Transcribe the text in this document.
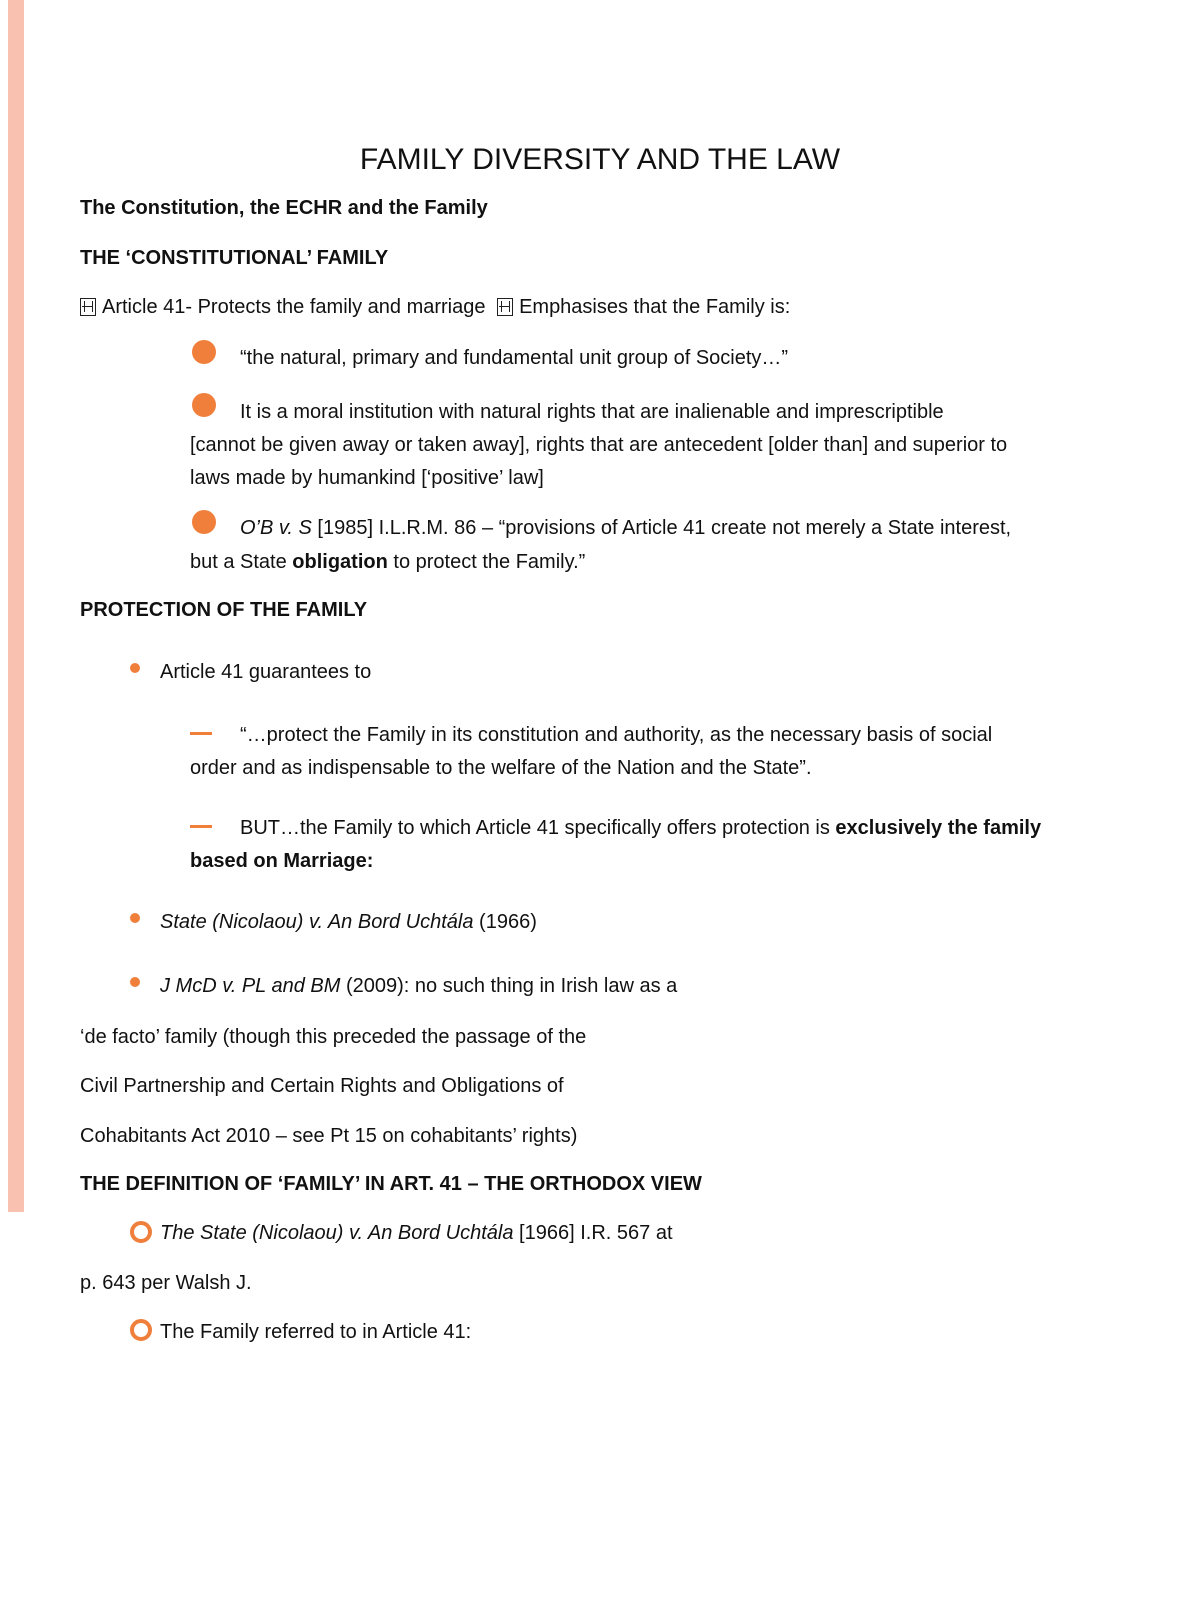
FAMILY DIVERSITY AND THE LAW
The Constitution, the ECHR and the Family
THE ‘CONSTITUTIONAL’ FAMILY
Article 41- Protects the family and marriage Emphasises that the Family is:
“the natural, primary and fundamental unit group of Society…”
It is a moral institution with natural rights that are inalienable and imprescriptible
[cannot be given away or taken away], rights that are antecedent [older than] and superior to
laws made by humankind [‘positive’ law]
O’B v. S [1985] I.L.R.M. 86 – “provisions of Article 41 create not merely a State interest,
but a State obligation to protect the Family.”
PROTECTION OF THE FAMILY
Article 41 guarantees to
“…protect the Family in its constitution and authority, as the necessary basis of social
order and as indispensable to the welfare of the Nation and the State”.
BUT…the Family to which Article 41 specifically offers protection is exclusively the family
based on Marriage:
State (Nicolaou) v. An Bord Uchtála (1966)
J McD v. PL and BM (2009): no such thing in Irish law as a
‘de facto’ family (though this preceded the passage of the
Civil Partnership and Certain Rights and Obligations of
Cohabitants Act 2010 – see Pt 15 on cohabitants’ rights)
THE DEFINITION OF ‘FAMILY’ IN ART. 41 – THE ORTHODOX VIEW
The State (Nicolaou) v. An Bord Uchtála [1966] I.R. 567 at
p. 643 per Walsh J.
The Family referred to in Article 41:
